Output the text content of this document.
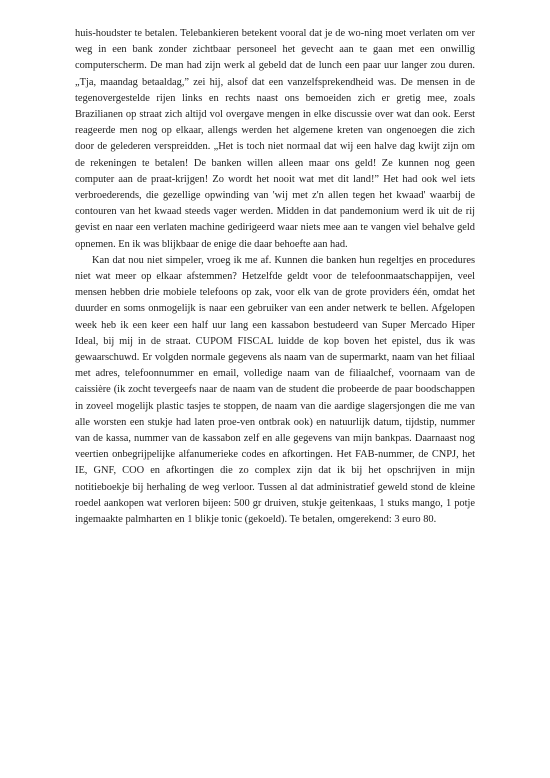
huis-houdster te betalen. Telebankieren betekent vooral dat je de wo-ning moet verlaten om ver weg in een bank zonder zichtbaar personeel het gevecht aan te gaan met een onwillig computerscherm. De man had zijn werk al gebeld dat de lunch een paar uur langer zou duren. „Tja, maandag betaaldag,” zei hij, alsof dat een vanzelfsprekendheid was. De mensen in de tegenovergestelde rijen links en rechts naast ons bemoeiden zich er gretig mee, zoals Brazilianen op straat zich altijd vol overgave mengen in elke discussie over wat dan ook. Eerst reageerde men nog op elkaar, allengs werden het algemene kreten van ongenoegen die zich door de gelederen verspreidden. „Het is toch niet normaal dat wij een halve dag kwijt zijn om de rekeningen te betalen! De banken willen alleen maar ons geld! Ze kunnen nog geen computer aan de praat-krijgen! Zo wordt het nooit wat met dit land!” Het had ook wel iets verbroederends, die gezellige opwinding van 'wij met z'n allen tegen het kwaad' waarbij de contouren van het kwaad steeds vager werden. Midden in dat pandemonium werd ik uit de rij gevist en naar een verlaten machine gedirigeerd waar niets mee aan te vangen viel behalve geld opnemen. En ik was blijkbaar de enige die daar behoefte aan had.

Kan dat nou niet simpeler, vroeg ik me af. Kunnen die banken hun regeltjes en procedures niet wat meer op elkaar afstemmen? Hetzelfde geldt voor de telefoonmaatschappijen, veel mensen hebben drie mobiele telefoons op zak, voor elk van de grote providers één, omdat het duurder en soms onmogelijk is naar een gebruiker van een ander netwerk te bellen. Afgelopen week heb ik een keer een half uur lang een kassabon bestudeerd van Super Mercado Hiper Ideal, bij mij in de straat. CUPOM FISCAL luidde de kop boven het epistel, dus ik was gewaarschuwd. Er volgden normale gegevens als naam van de supermarkt, naam van het filiaal met adres, telefoonnummer en email, volledige naam van de filiaalchef, voornaam van de caissière (ik zocht tevergeefs naar de naam van de student die probeerde de paar boodschappen in zoveel mogelijk plastic tasjes te stoppen, de naam van die aardige slagersjongen die me van alle worsten een stukje had laten proe-ven ontbrak ook) en natuurlijk datum, tijdstip, nummer van de kassa, nummer van de kassabon zelf en alle gegevens van mijn bankpas. Daarnaast nog veertien onbegrijpelijke alfanumerieke codes en afkortingen. Het FAB-nummer, de CNPJ, het IE, GNF, COO en afkortingen die zo complex zijn dat ik bij het opschrijven in mijn notitieboekje bij herhaling de weg verloor. Tussen al dat administratief geweld stond de kleine roedel aankopen wat verloren bijeen: 500 gr druiven, stukje geitenkaas, 1 stuks mango, 1 potje ingemaakte palmharten en 1 blikje tonic (gekoeld). Te betalen, omgerekend: 3 euro 80.
